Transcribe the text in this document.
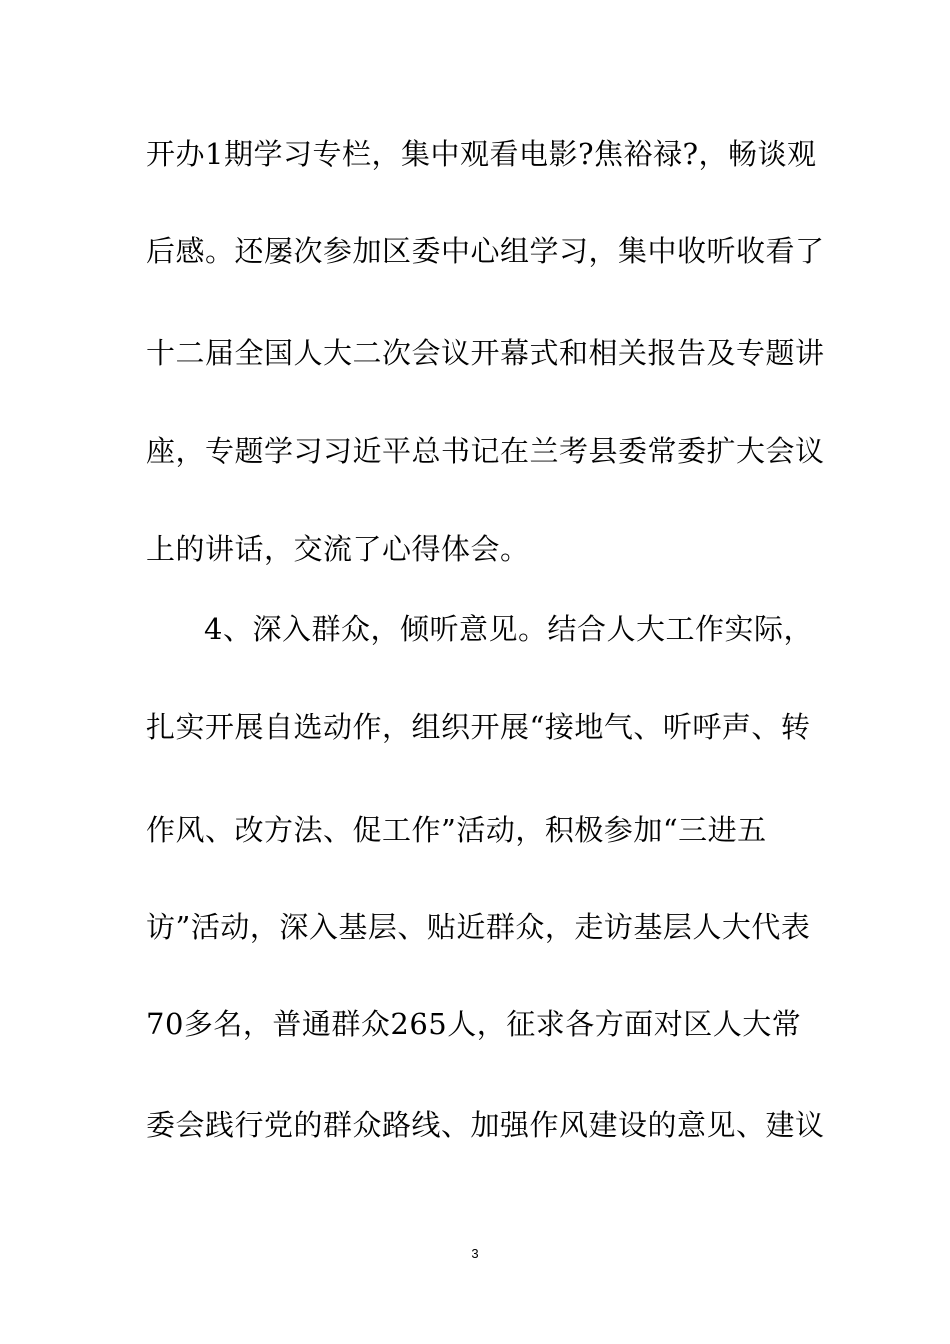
开办1期学习专栏，集中观看电影?焦裕禄?，畅谈观
后感。还屡次参加区委中心组学习，集中收听收看了
十二届全国人大二次会议开幕式和相关报告及专题讲
座，专题学习习近平总书记在兰考县委常委扩大会议
上的讲话，交流了心得体会。
4、深入群众，倾听意见。结合人大工作实际，
扎实开展自选动作，组织开展“接地气、听呼声、转
作风、改方法、促工作”活动，积极参加“三进五
访”活动，深入基层、贴近群众，走访基层人大代表
70多名，普通群众265人，征求各方面对区人大常
委会践行党的群众路线、加强作风建设的意见、建议
3
